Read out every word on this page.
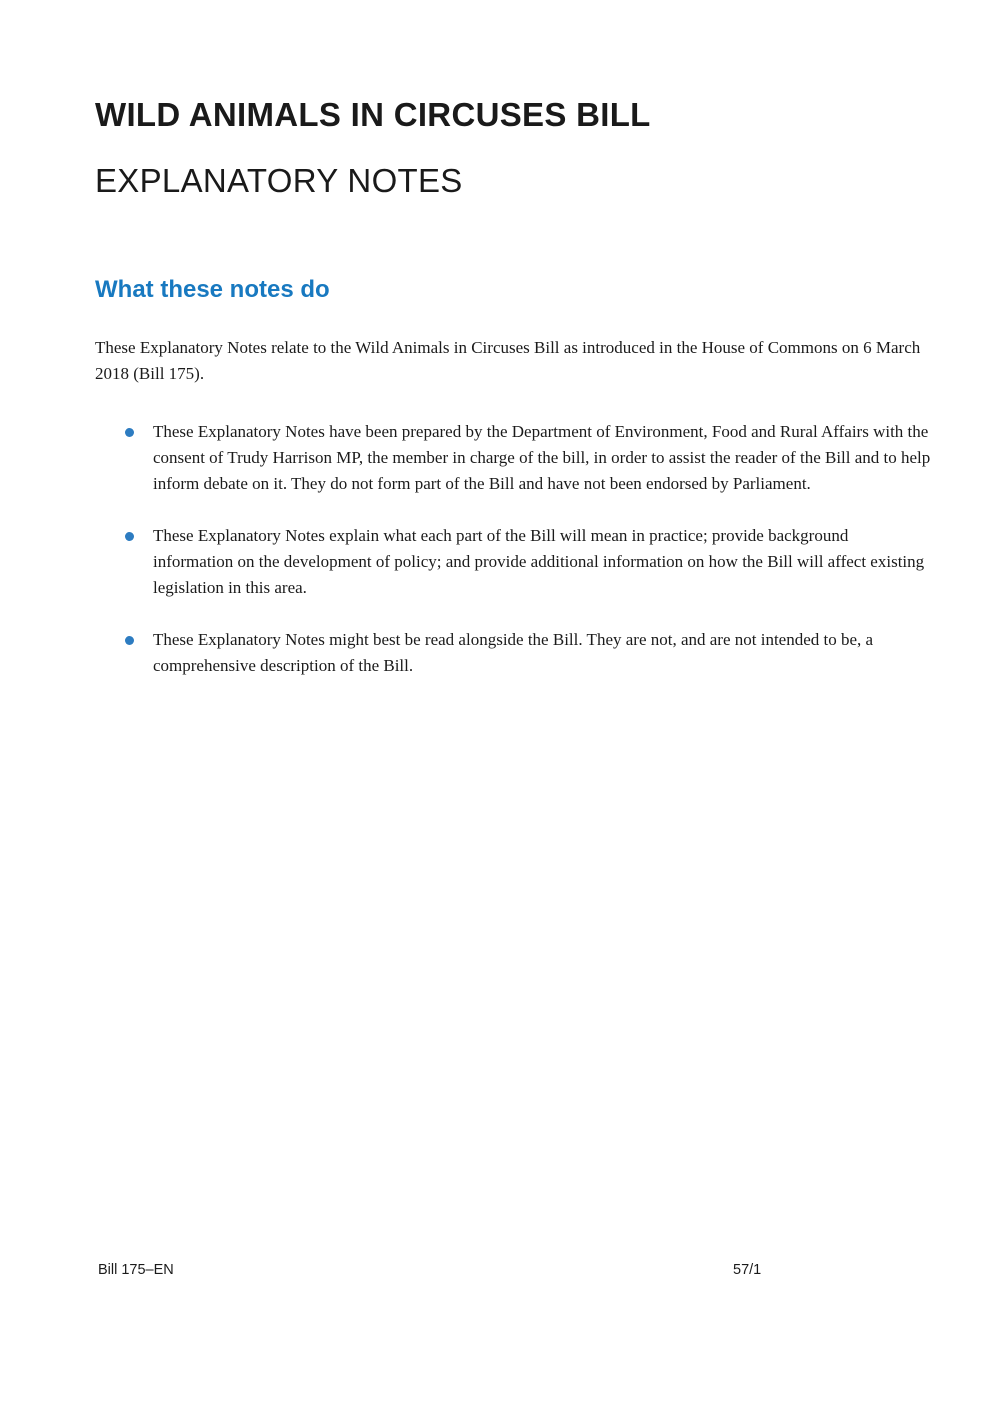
WILD ANIMALS IN CIRCUSES BILL
EXPLANATORY NOTES
What these notes do

These Explanatory Notes relate to the Wild Animals in Circuses Bill as introduced in the House of Commons on 6 March 2018 (Bill 175).

These Explanatory Notes have been prepared by the Department of Environment, Food and Rural Affairs with the consent of Trudy Harrison MP, the member in charge of the bill, in order to assist the reader of the Bill and to help inform debate on it. They do not form part of the Bill and have not been endorsed by Parliament.
These Explanatory Notes explain what each part of the Bill will mean in practice; provide background information on the development of policy; and provide additional information on how the Bill will affect existing legislation in this area.
These Explanatory Notes might best be read alongside the Bill. They are not, and are not intended to be, a comprehensive description of the Bill.
Bill 175–EN	57/1
